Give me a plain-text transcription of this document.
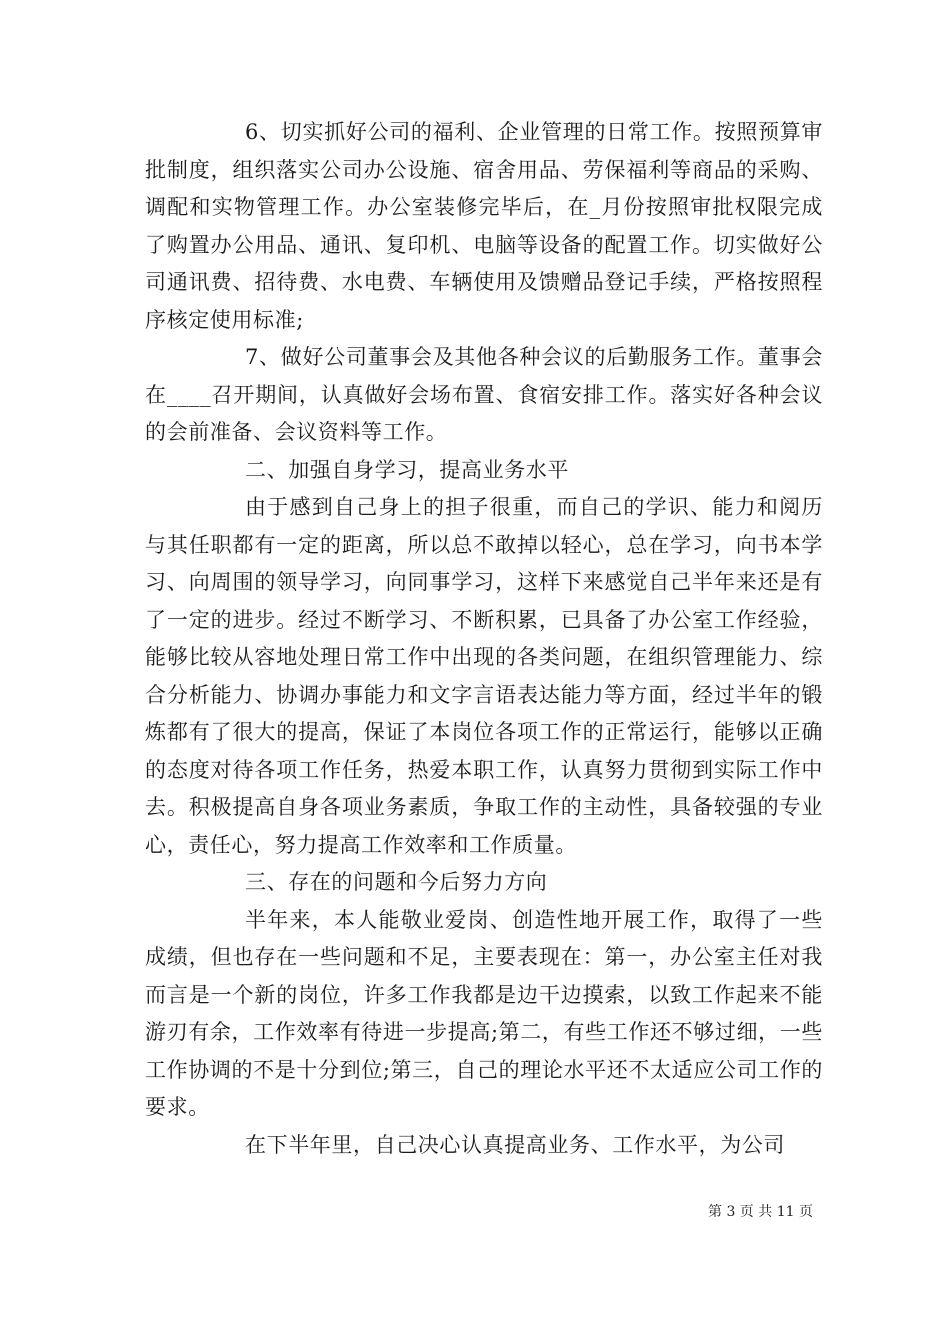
6、切实抓好公司的福利、企业管理的日常工作。按照预算审批制度，组织落实公司办公设施、宿舍用品、劳保福利等商品的采购、调配和实物管理工作。办公室装修完毕后，在_月份按照审批权限完成了购置办公用品、通讯、复印机、电脑等设备的配置工作。切实做好公司通讯费、招待费、水电费、车辆使用及馈赠品登记手续，严格按照程序核定使用标准;

7、做好公司董事会及其他各种会议的后勤服务工作。董事会在____召开期间，认真做好会场布置、食宿安排工作。落实好各种会议的会前准备、会议资料等工作。

二、加强自身学习，提高业务水平

由于感到自己身上的担子很重，而自己的学识、能力和阅历与其任职都有一定的距离，所以总不敢掉以轻心，总在学习，向书本学习、向周围的领导学习，向同事学习，这样下来感觉自己半年来还是有了一定的进步。经过不断学习、不断积累，已具备了办公室工作经验，能够比较从容地处理日常工作中出现的各类问题，在组织管理能力、综合分析能力、协调办事能力和文字言语表达能力等方面，经过半年的锻炼都有了很大的提高，保证了本岗位各项工作的正常运行，能够以正确的态度对待各项工作任务，热爱本职工作，认真努力贯彻到实际工作中去。积极提高自身各项业务素质，争取工作的主动性，具备较强的专业心，责任心，努力提高工作效率和工作质量。

三、存在的问题和今后努力方向

半年来，本人能敬业爱岗、创造性地开展工作，取得了一些成绩，但也存在一些问题和不足，主要表现在：第一，办公室主任对我而言是一个新的岗位，许多工作我都是边干边摸索，以致工作起来不能游刃有余，工作效率有待进一步提高;第二，有些工作还不够过细，一些工作协调的不是十分到位;第三，自己的理论水平还不太适应公司工作的要求。

在下半年里，自己决心认真提高业务、工作水平，为公司

第 3 页 共 11 页
